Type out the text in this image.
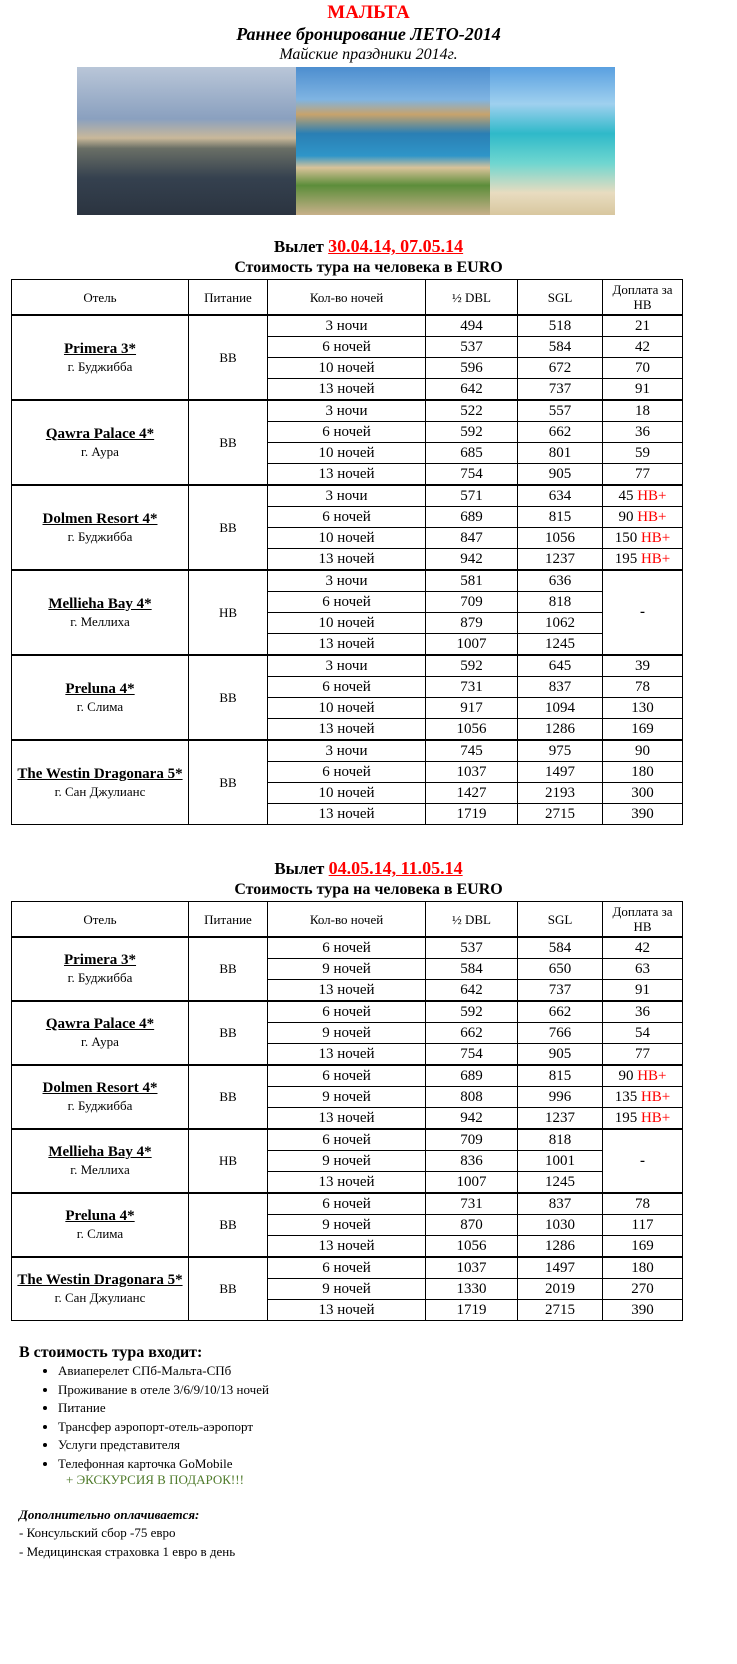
МАЛЬТА
Раннее бронирование ЛЕТО-2014
Майские праздники 2014г.
Вылет 30.04.14, 07.05.14
Стоимость тура на человека в EURO
Отель	Питание	Кол-во ночей	½ DBL	SGL	Доплата за НВ

Primera 3*
г. Буджибба	BB	3 ночи	494	518	21
		6 ночей	537	584	42
		10 ночей	596	672	70
		13 ночей	642	737	91

Qawra Palace 4*
г. Аура	BB	3 ночи	522	557	18
		6 ночей	592	662	36
		10 ночей	685	801	59
		13 ночей	754	905	77

Dolmen Resort 4*
г. Буджибба	BB	3 ночи	571	634	45 НВ+
		6 ночей	689	815	90 НВ+
		10 ночей	847	1056	150 НВ+
		13 ночей	942	1237	195 НВ+

Mellieha Bay 4*
г. Меллиха	HB	3 ночи	581	636	-
		6 ночей	709	818	
		10 ночей	879	1062	
		13 ночей	1007	1245	

Preluna 4*
г. Слима	BB	3 ночи	592	645	39
		6 ночей	731	837	78
		10 ночей	917	1094	130
		13 ночей	1056	1286	169

The Westin Dragonara 5*
г. Сан Джулианс	BB	3 ночи	745	975	90
		6 ночей	1037	1497	180
		10 ночей	1427	2193	300
		13 ночей	1719	2715	390
Вылет 04.05.14, 11.05.14
Стоимость тура на человека в EURO
Отель	Питание	Кол-во ночей	½ DBL	SGL	Доплата за НВ

Primera 3*
г. Буджибба	BB	6 ночей	537	584	42
		9 ночей	584	650	63
		13 ночей	642	737	91

Qawra Palace 4*
г. Аура	BB	6 ночей	592	662	36
		9 ночей	662	766	54
		13 ночей	754	905	77

Dolmen Resort 4*
г. Буджибба	BB	6 ночей	689	815	90 НВ+
		9 ночей	808	996	135 НВ+
		13 ночей	942	1237	195 НВ+

Mellieha Bay 4*
г. Меллиха	HB	6 ночей	709	818	-
		9 ночей	836	1001	
		13 ночей	1007	1245	

Preluna 4*
г. Слима	BB	6 ночей	731	837	78
		9 ночей	870	1030	117
		13 ночей	1056	1286	169

The Westin Dragonara 5*
г. Сан Джулианс	BB	6 ночей	1037	1497	180
		9 ночей	1330	2019	270
		13 ночей	1719	2715	390
В стоимость тура входит:
• Авиаперелет СПб-Мальта-СПб
• Проживание в отеле 3/6/9/10/13 ночей
• Питание
• Трансфер аэропорт-отель-аэропорт
• Услуги представителя
• Телефонная карточка GoMobile
+ ЭКСКУРСИЯ В ПОДАРОК!!!
Дополнительно оплачивается:
- Консульский сбор -75 евро
- Медицинская страховка 1 евро в день
